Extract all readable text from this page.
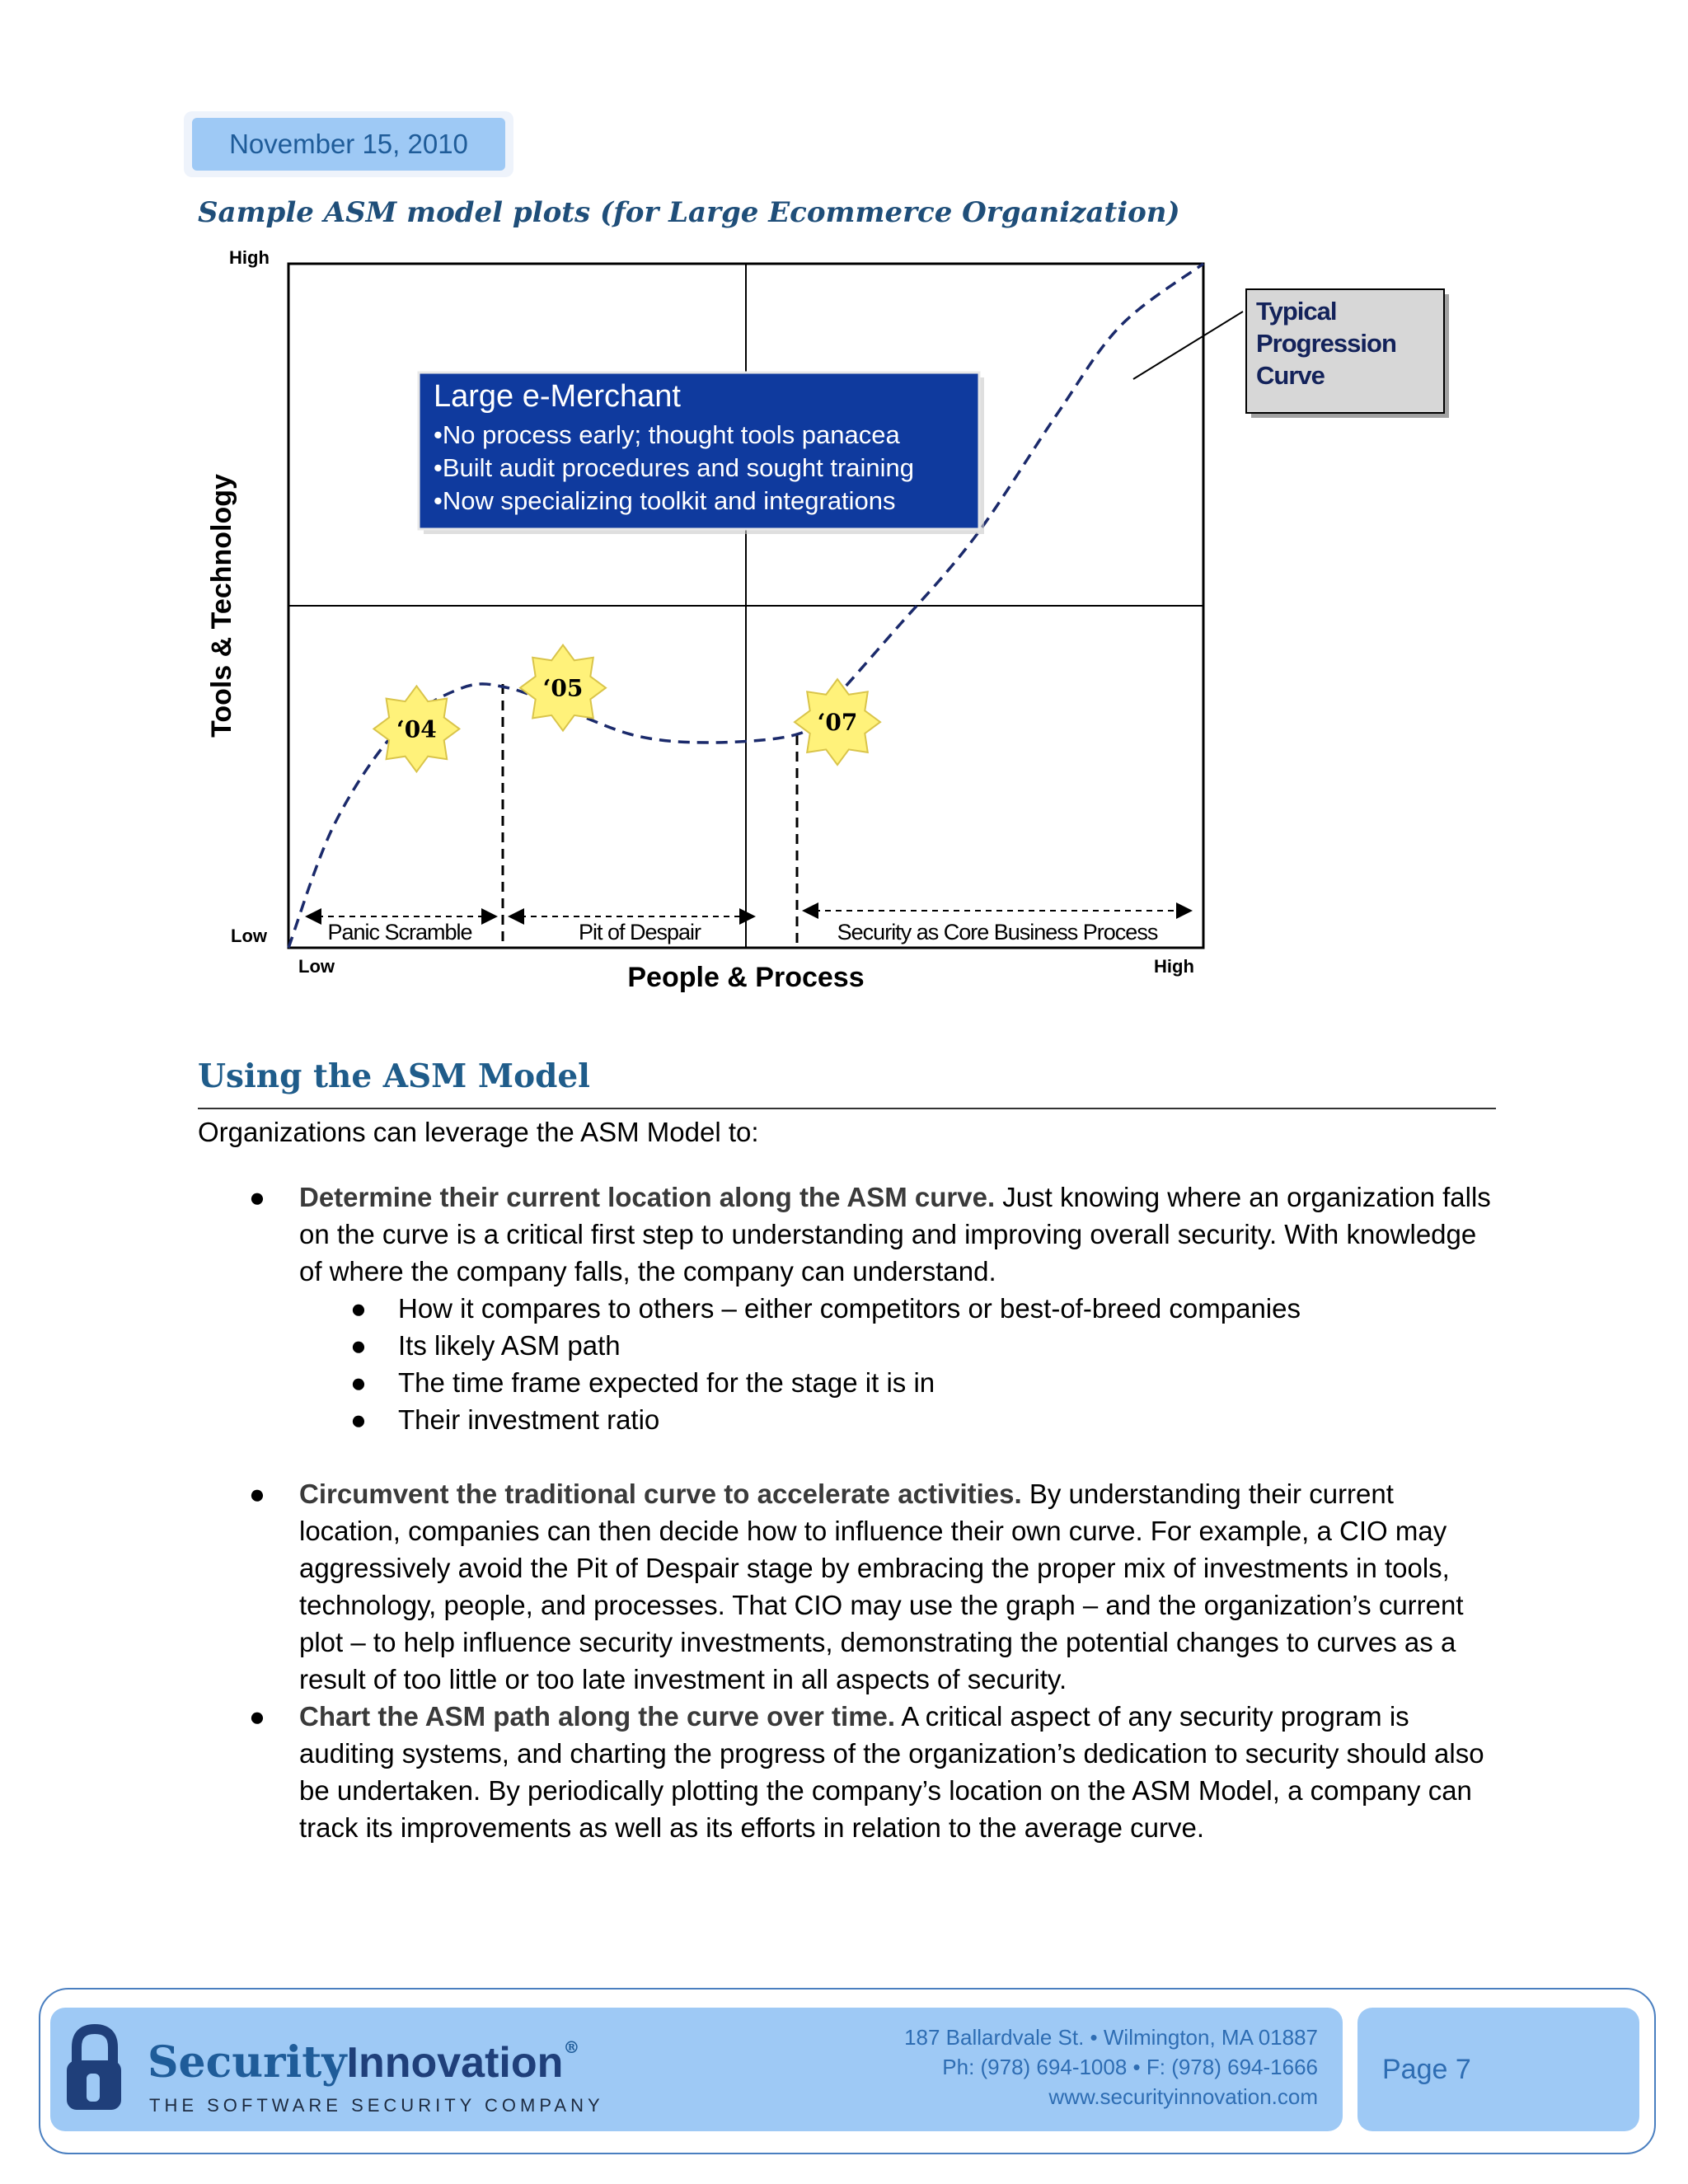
November 15, 2010
Sample ASM model plots (for Large Ecommerce Organization)
High
Low
Low	High
People & Process
Tools & Technology
Panic Scramble	Pit of Despair	Security as Core Business Process
Large e-Merchant
•No process early; thought tools panacea
•Built audit procedures and sought training
•Now specializing toolkit and integrations
‘04
‘05
‘07
Typical
Progression
Curve
Using the ASM Model
Organizations can leverage the ASM Model to:
● Determine their current location along the ASM curve. Just knowing where an organization falls on the curve is a critical first step to understanding and improving overall security. With knowledge of where the company falls, the company can understand.
● How it compares to others – either competitors or best-of-breed companies
● Its likely ASM path
● The time frame expected for the stage it is in
● Their investment ratio
● Circumvent the traditional curve to accelerate activities. By understanding their current location, companies can then decide how to influence their own curve. For example, a CIO may aggressively avoid the Pit of Despair stage by embracing the proper mix of investments in tools, technology, people, and processes. That CIO may use the graph – and the organization’s current plot – to help influence security investments, demonstrating the potential changes to curves as a result of too little or too late investment in all aspects of security.
● Chart the ASM path along the curve over time. A critical aspect of any security program is auditing systems, and charting the progress of the organization’s dedication to security should also be undertaken. By periodically plotting the company’s location on the ASM Model, a company can track its improvements as well as its efforts in relation to the average curve.
SecurityInnovation®
THE SOFTWARE SECURITY COMPANY
187 Ballardvale St. • Wilmington, MA 01887
Ph: (978) 694-1008 • F: (978) 694-1666
www.securityinnovation.com
Page 7
